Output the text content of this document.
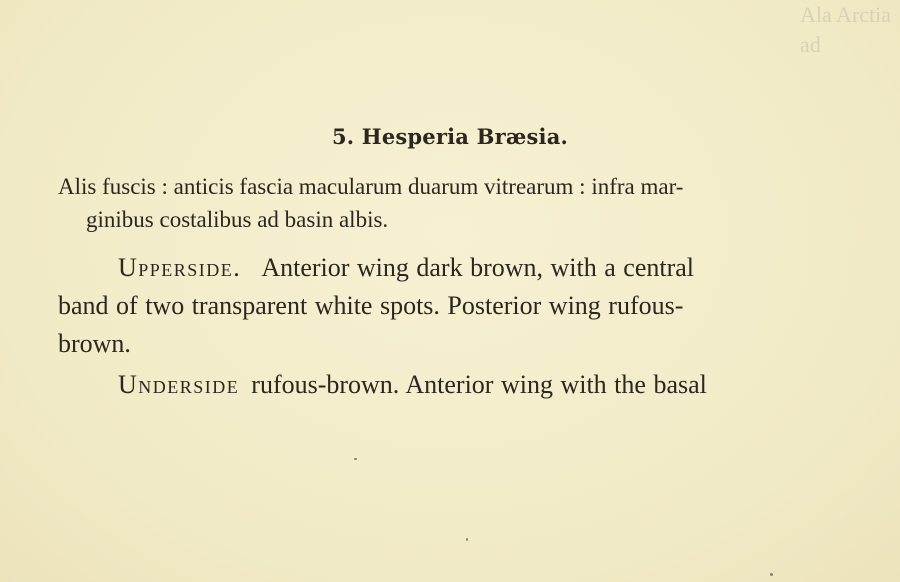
Ala Arctia ad
5. Hesperia Bræsia.
Alis fuscis : anticis fascia macularum duarum vitrearum : infra mar-
ginibus costalibus ad basin albis.
Upperside. Anterior wing dark brown, with a central
band of two transparent white spots. Posterior wing rufous-
brown.
Underside rufous-brown. Anterior wing with the basal
